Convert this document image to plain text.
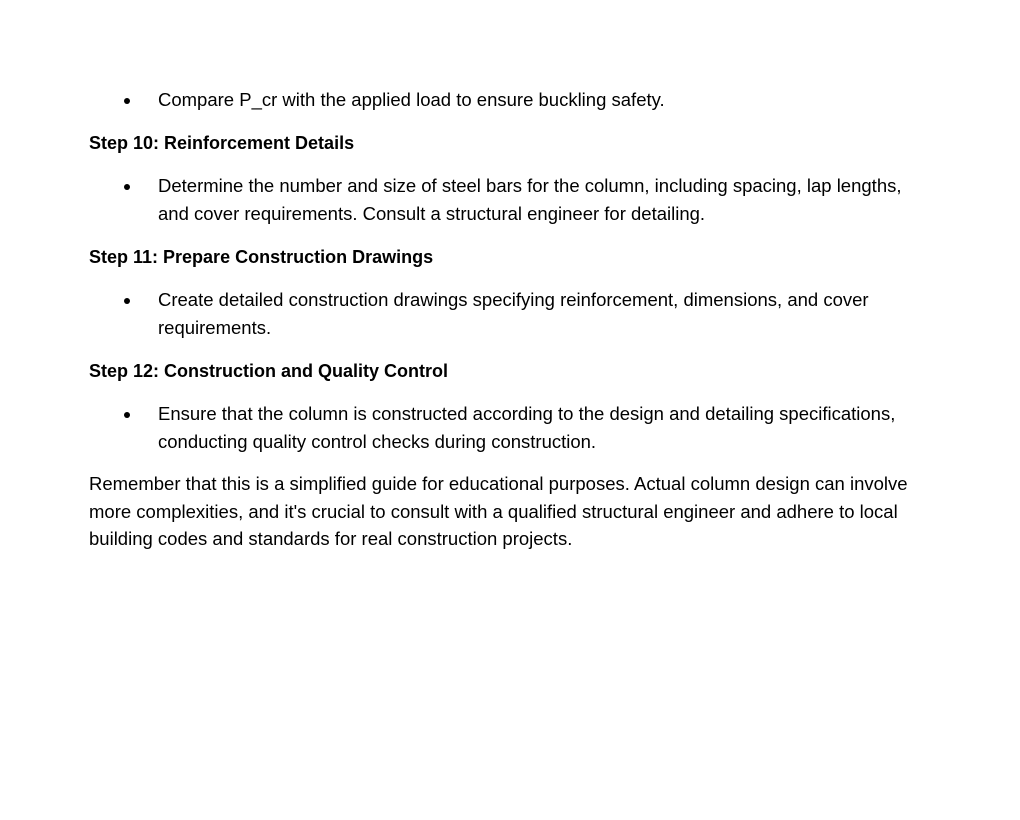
Compare P_cr with the applied load to ensure buckling safety.
Step 10: Reinforcement Details
Determine the number and size of steel bars for the column, including spacing, lap lengths, and cover requirements. Consult a structural engineer for detailing.
Step 11: Prepare Construction Drawings
Create detailed construction drawings specifying reinforcement, dimensions, and cover requirements.
Step 12: Construction and Quality Control
Ensure that the column is constructed according to the design and detailing specifications, conducting quality control checks during construction.

Remember that this is a simplified guide for educational purposes. Actual column design can involve more complexities, and it's crucial to consult with a qualified structural engineer and adhere to local building codes and standards for real construction projects.
